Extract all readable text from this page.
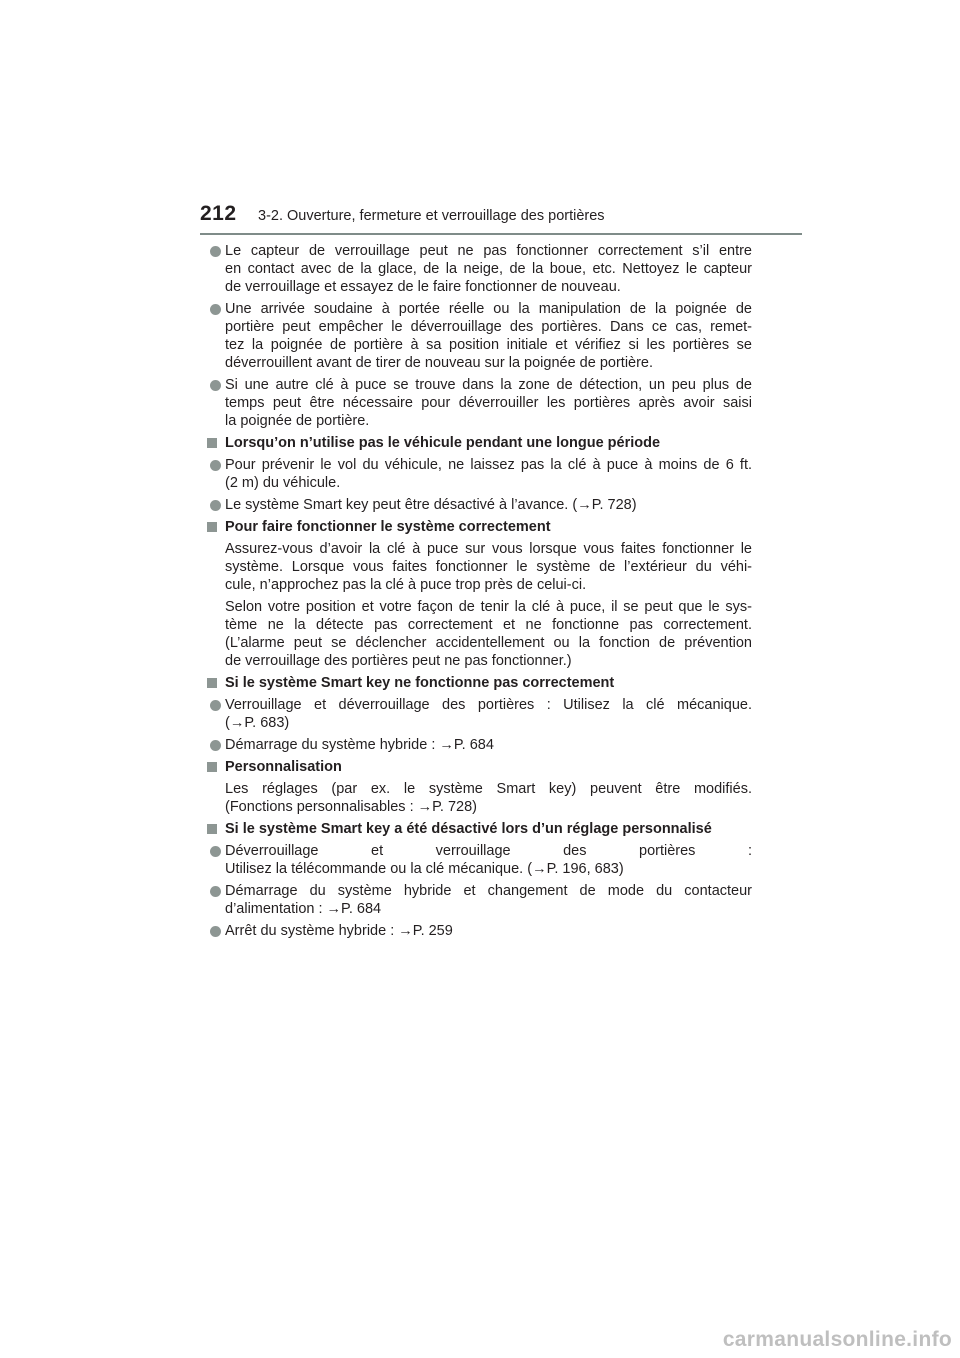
212 3-2. Ouverture, fermeture et verrouillage des portières
Le capteur de verrouillage peut ne pas fonctionner correctement s’il entre
en contact avec de la glace, de la neige, de la boue, etc. Nettoyez le capteur
de verrouillage et essayez de le faire fonctionner de nouveau.
Une arrivée soudaine à portée réelle ou la manipulation de la poignée de
portière peut empêcher le déverrouillage des portières. Dans ce cas, remet-
tez la poignée de portière à sa position initiale et vérifiez si les portières se
déverrouillent avant de tirer de nouveau sur la poignée de portière.
Si une autre clé à puce se trouve dans la zone de détection, un peu plus de
temps peut être nécessaire pour déverrouiller les portières après avoir saisi
la poignée de portière.
Lorsqu’on n’utilise pas le véhicule pendant une longue période
Pour prévenir le vol du véhicule, ne laissez pas la clé à puce à moins de 6 ft.
(2 m) du véhicule.
Le système Smart key peut être désactivé à l’avance. (→P. 728)
Pour faire fonctionner le système correctement
Assurez-vous d’avoir la clé à puce sur vous lorsque vous faites fonctionner le
système. Lorsque vous faites fonctionner le système de l’extérieur du véhi-
cule, n’approchez pas la clé à puce trop près de celui-ci.
Selon votre position et votre façon de tenir la clé à puce, il se peut que le sys-
tème ne la détecte pas correctement et ne fonctionne pas correctement.
(L’alarme peut se déclencher accidentellement ou la fonction de prévention
de verrouillage des portières peut ne pas fonctionner.)
Si le système Smart key ne fonctionne pas correctement
Verrouillage et déverrouillage des portières : Utilisez la clé mécanique.
(→P. 683)
Démarrage du système hybride : →P. 684
Personnalisation
Les réglages (par ex. le système Smart key) peuvent être modifiés.
(Fonctions personnalisables : →P. 728)
Si le système Smart key a été désactivé lors d’un réglage personnalisé
Déverrouillage et verrouillage des portières :
Utilisez la télécommande ou la clé mécanique. (→P. 196, 683)
Démarrage du système hybride et changement de mode du contacteur
d’alimentation : →P. 684
Arrêt du système hybride : →P. 259
carmanualsonline.info
